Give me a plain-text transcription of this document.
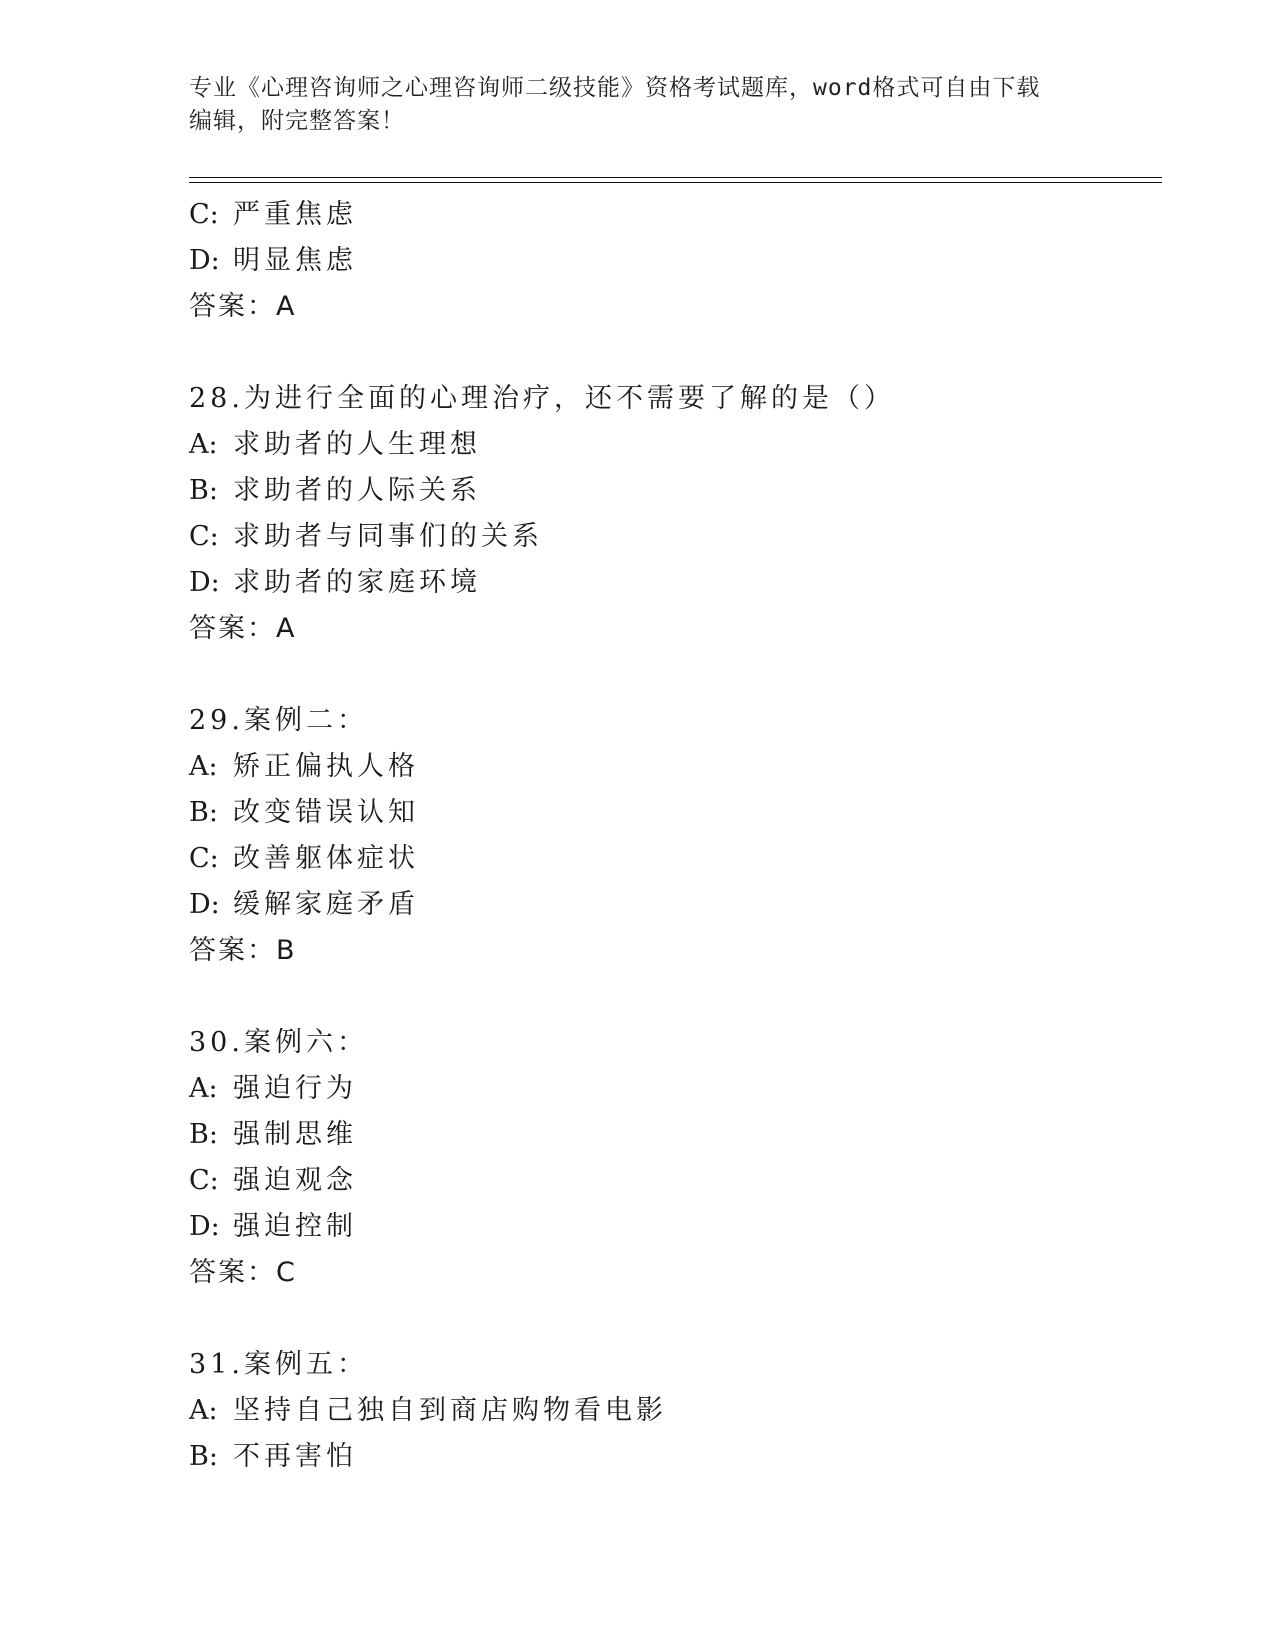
专业《心理咨询师之心理咨询师二级技能》资格考试题库，word格式可自由下载
编辑，附完整答案！
C: 严重焦虑
D: 明显焦虑
答案：A
28.为进行全面的心理治疗，还不需要了解的是（）
A: 求助者的人生理想
B: 求助者的人际关系
C: 求助者与同事们的关系
D: 求助者的家庭环境
答案：A
29.案例二：
A: 矫正偏执人格
B: 改变错误认知
C: 改善躯体症状
D: 缓解家庭矛盾
答案：B
30.案例六：
A: 强迫行为
B: 强制思维
C: 强迫观念
D: 强迫控制
答案：C
31.案例五：
A: 坚持自己独自到商店购物看电影
B: 不再害怕
